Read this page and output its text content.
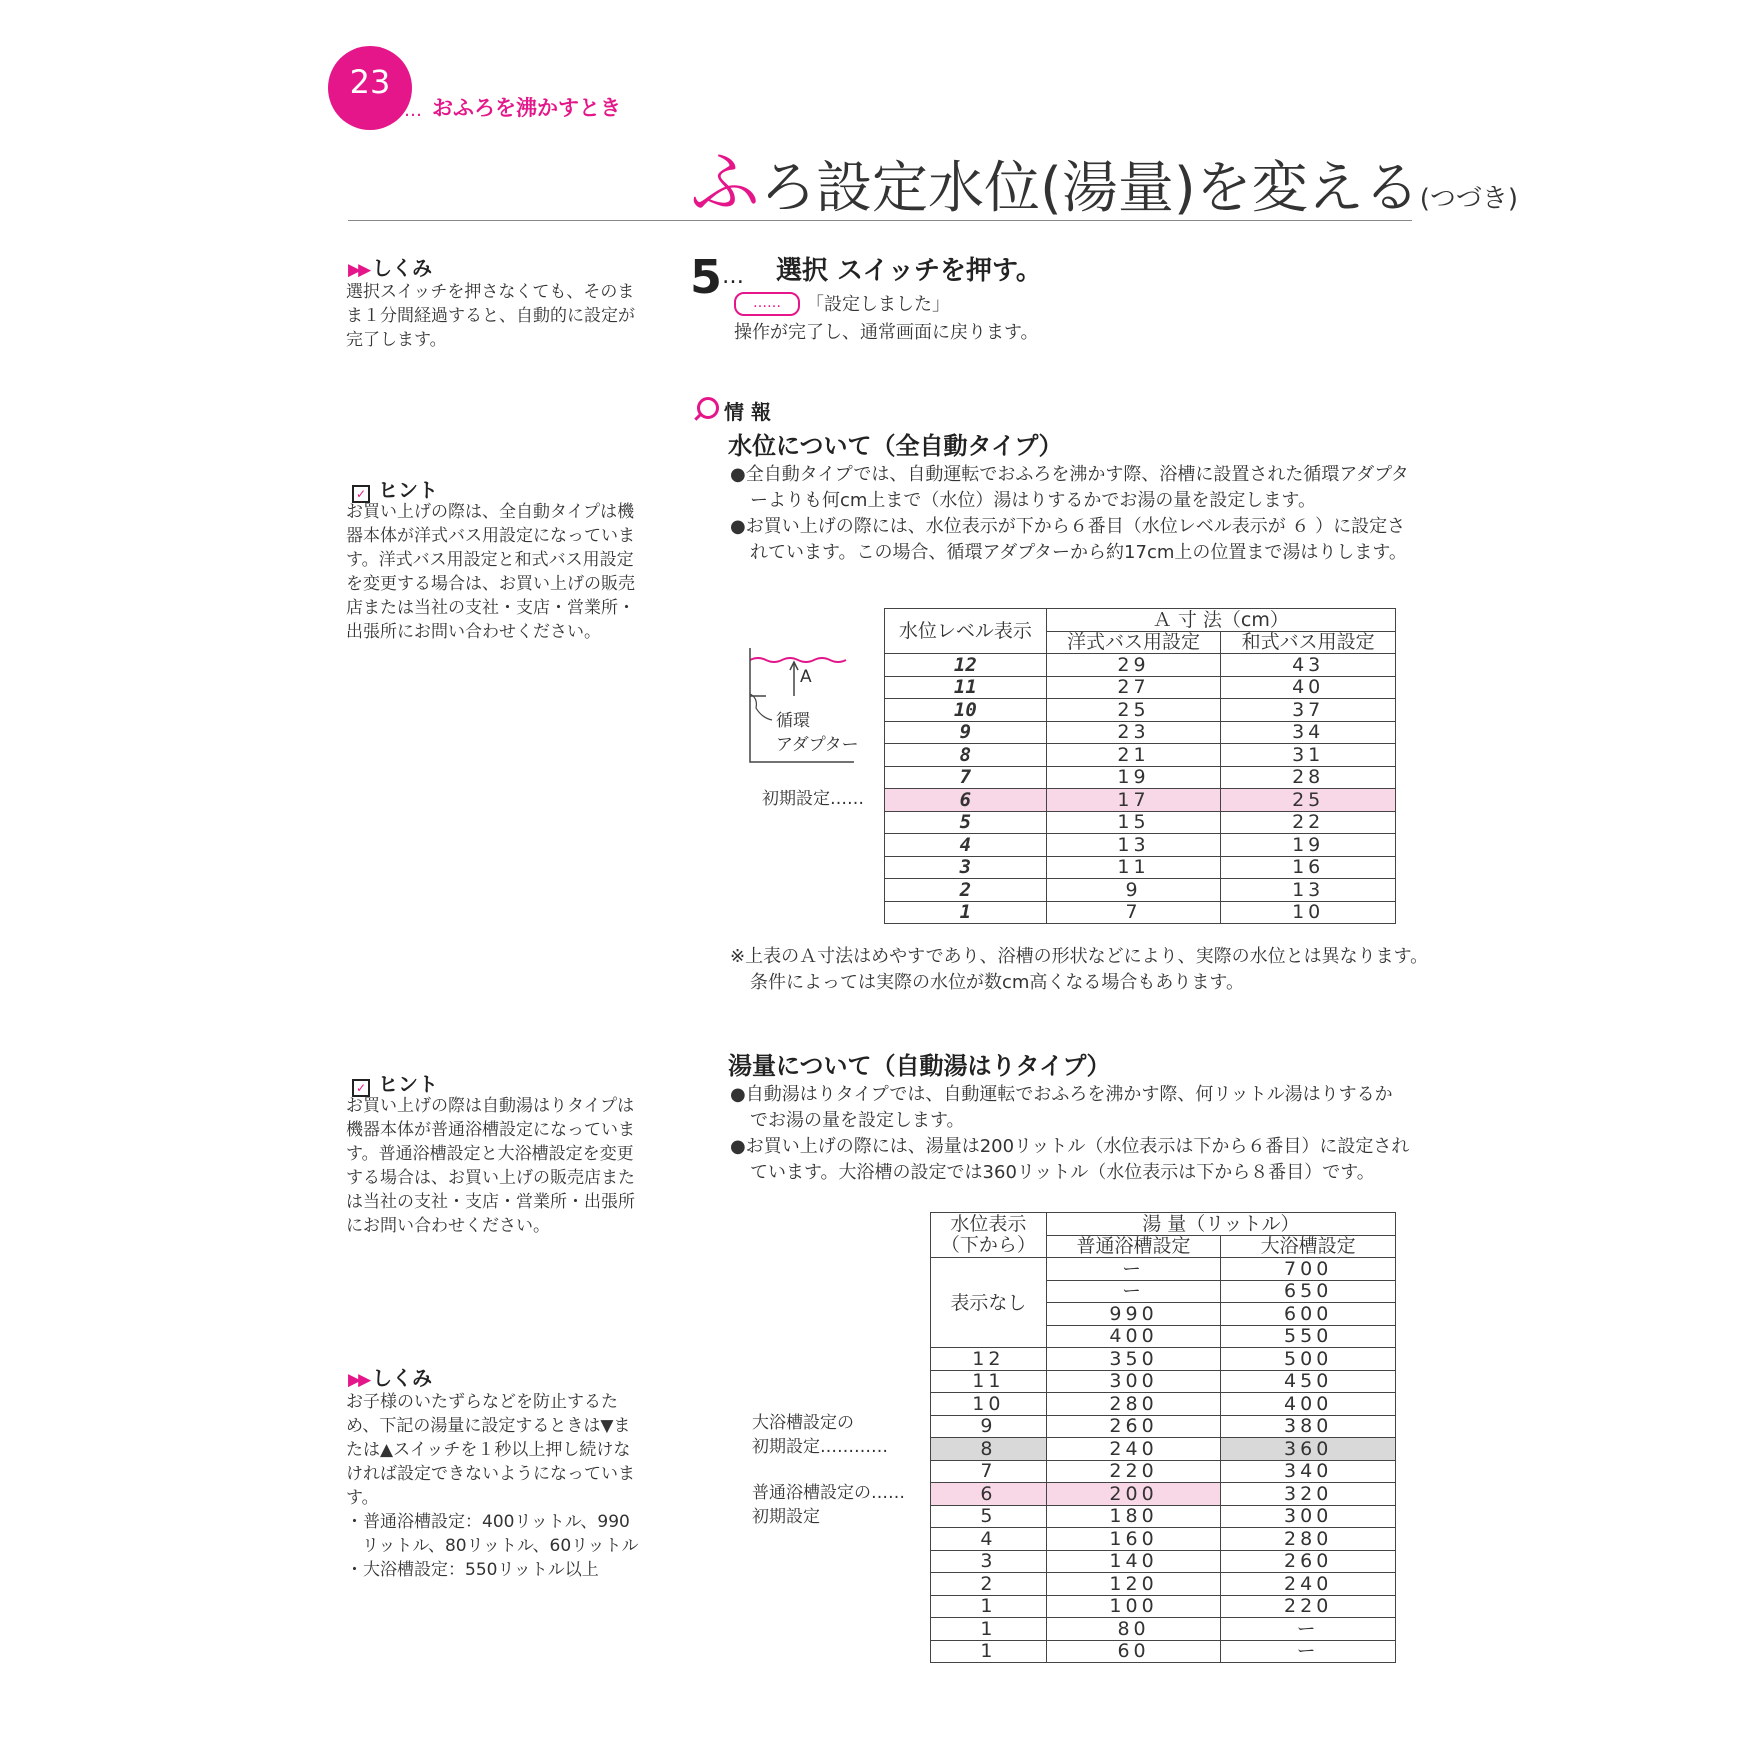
23
……… おふろを沸かすとき
ふろ設定水位(湯量)を変える(つづき)
▶▶ しくみ
選択スイッチを押さなくても、そのまま１分間経過すると、自動的に設定が完了します。
✓ ヒント
お買い上げの際は、全自動タイプは機器本体が洋式バス用設定になっています。洋式バス用設定と和式バス用設定を変更する場合は、お買い上げの販売店または当社の支社・支店・営業所・出張所にお問い合わせください。
✓ ヒント
お買い上げの際は自動湯はりタイプは機器本体が普通浴槽設定になっています。普通浴槽設定と大浴槽設定を変更する場合は、お買い上げの販売店または当社の支社・支店・営業所・出張所にお問い合わせください。
▶▶ しくみ

お子様のいたずらなどを防止するため、下記の湯量に設定するときは▼または▲スイッチを１秒以上押し続けなければ設定できないようになっています。

・普通浴槽設定：400リットル、990リットル、80リットル、60リットル

・大浴槽設定：550リットル以上

5… 選択 スイッチを押す。
……	「設定しました」
操作が完了し、通常画面に戻ります。
情 報
水位について（全自動タイプ）

●全自動タイプでは、自動運転でおふろを沸かす際、浴槽に設置された循環アダプターよりも何cm上まで（水位）湯はりするかでお湯の量を設定します。

●お買い上げの際には、水位表示が下から６番目（水位レベル表示が ６ ）に設定されています。この場合、循環アダプターから約17cm上の位置まで湯はりします。

A
循環
アダプター
初期設定……
水位レベル表示	Ａ 寸 法（cm）	
	洋式バス用設定	和式バス用設定
12	29	43
11	27	40
10	25	37
9	23	34
8	21	31
7	19	28
6	17	25
5	15	22
4	13	19
3	11	16
2	9	13
1	7	10
※上表のＡ寸法はめやすであり、浴槽の形状などにより、実際の水位とは異なります。条件によっては実際の水位が数cm高くなる場合もあります。
湯量について（自動湯はりタイプ）

●自動湯はりタイプでは、自動運転でおふろを沸かす際、何リットル湯はりするかでお湯の量を設定します。

●お買い上げの際には、湯量は200リットル（水位表示は下から６番目）に設定されています。大浴槽の設定では360リットル（水位表示は下から８番目）です。

大浴槽設定の
初期設定…………
普通浴槽設定の……
初期設定
水位表示
（下から）	湯 量（リットル）	
	普通浴槽設定	大浴槽設定
表示なし	ー	700
	ー	650
	990	600
	400	550
12	350	500
11	300	450
10	280	400
9	260	380
8	240	360
7	220	340
6	200	320
5	180	300
4	160	280
3	140	260
2	120	240
1	100	220
1	80	ー
1	60	ー
